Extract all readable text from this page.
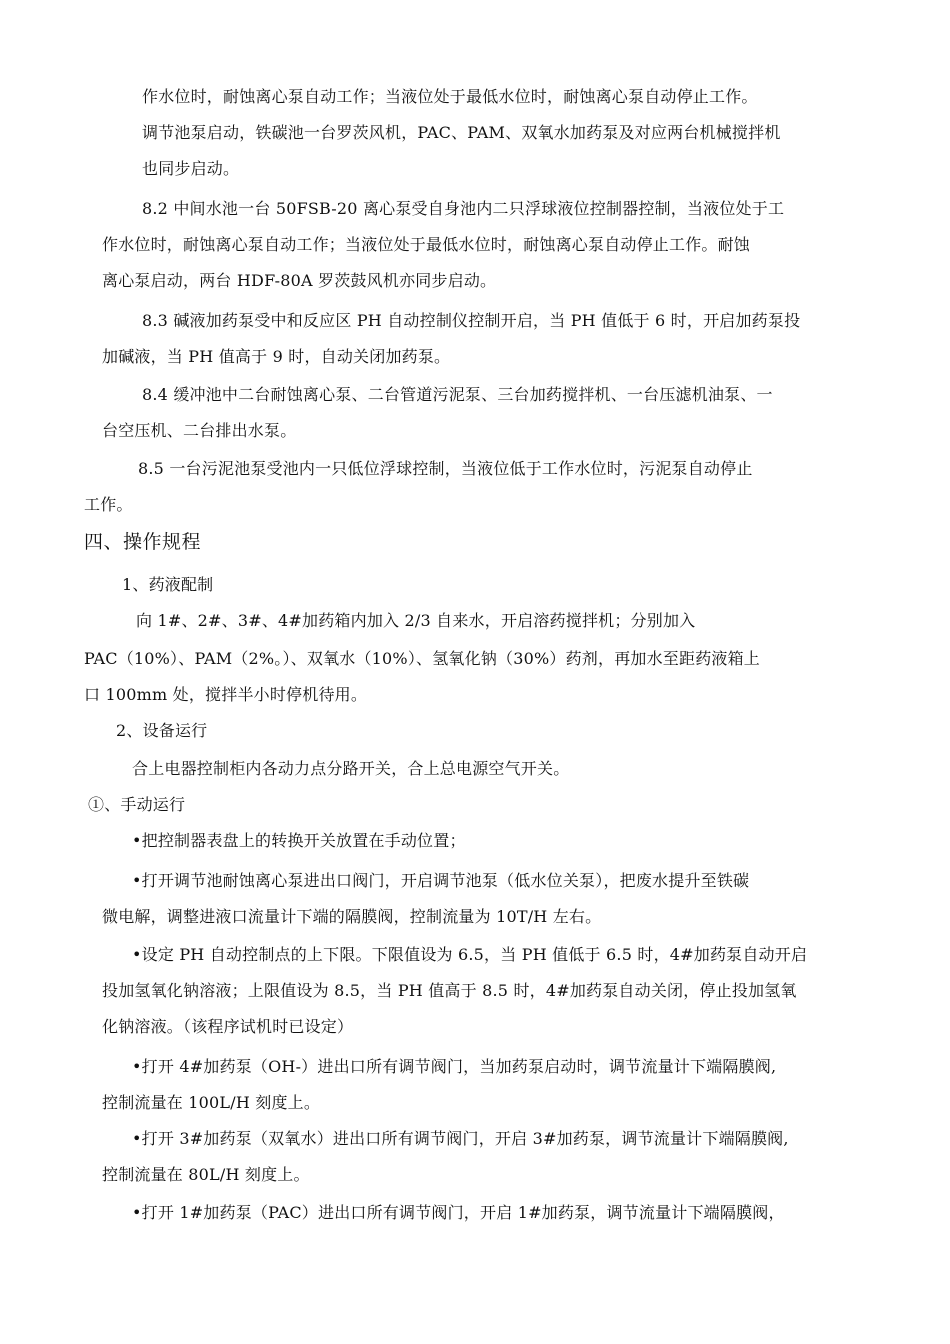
作水位时，耐蚀离心泵自动工作；当液位处于最低水位时，耐蚀离心泵自动停止工作。
调节池泵启动，铁碳池一台罗茨风机，PAC、PAM、双氧水加药泵及对应两台机械搅拌机
也同步启动。
8.2 中间水池一台 50FSB-20 离心泵受自身池内二只浮球液位控制器控制，当液位处于工
作水位时，耐蚀离心泵自动工作；当液位处于最低水位时，耐蚀离心泵自动停止工作。耐蚀
离心泵启动，两台 HDF-80A 罗茨鼓风机亦同步启动。
8.3 碱液加药泵受中和反应区 PH 自动控制仪控制开启，当 PH 值低于 6 时，开启加药泵投
加碱液，当 PH 值高于 9 时，自动关闭加药泵。
8.4 缓冲池中二台耐蚀离心泵、二台管道污泥泵、三台加药搅拌机、一台压滤机油泵、一
台空压机、二台排出水泵。
8.5 一台污泥池泵受池内一只低位浮球控制，当液位低于工作水位时，污泥泵自动停止
工作。
四、操作规程
1、药液配制
向 1#、2#、3#、4#加药箱内加入 2/3 自来水，开启溶药搅拌机；分别加入
PAC（10%）、PAM（2%。）、双氧水（10%）、氢氧化钠（30%）药剂，再加水至距药液箱上
口 100mm 处，搅拌半小时停机待用。
2、设备运行
合上电器控制柜内各动力点分路开关，合上总电源空气开关。
①、手动运行
•把控制器表盘上的转换开关放置在手动位置；
•打开调节池耐蚀离心泵进出口阀门，开启调节池泵（低水位关泵），把废水提升至铁碳
微电解，调整进液口流量计下端的隔膜阀，控制流量为 10T/H 左右。
•设定 PH 自动控制点的上下限。下限值设为 6.5，当 PH 值低于 6.5 时，4#加药泵自动开启
投加氢氧化钠溶液；上限值设为 8.5，当 PH 值高于 8.5 时，4#加药泵自动关闭，停止投加氢氧
化钠溶液。（该程序试机时已设定）
•打开 4#加药泵（OH-）进出口所有调节阀门，当加药泵启动时，调节流量计下端隔膜阀,
控制流量在 100L/H 刻度上。
•打开 3#加药泵（双氧水）进出口所有调节阀门，开启 3#加药泵，调节流量计下端隔膜阀,
控制流量在 80L/H 刻度上。
•打开 1#加药泵（PAC）进出口所有调节阀门，开启 1#加药泵，调节流量计下端隔膜阀，
